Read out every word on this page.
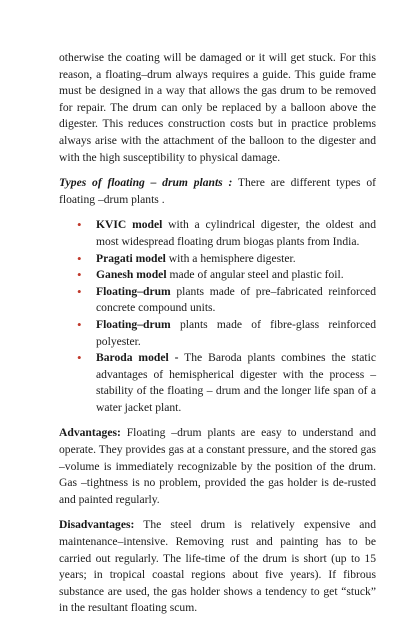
otherwise the coating will be damaged or it will get stuck. For this reason, a floating–drum always requires a guide. This guide frame must be designed in a way that allows the gas drum to be removed for repair. The drum can only be replaced by a balloon above the digester. This reduces construction costs but in practice problems always arise with the attachment of the balloon to the digester and with the high susceptibility to physical damage.

Types of floating – drum plants : There are different types of floating –drum plants .

• KVIC model with a cylindrical digester, the oldest and most widespread floating drum biogas plants from India.
• Pragati model with a hemisphere digester.
• Ganesh model made of angular steel and plastic foil.
• Floating–drum plants made of pre–fabricated reinforced concrete compound units.
• Floating–drum plants made of fibre-glass reinforced polyester.
• Baroda model - The Baroda plants combines the static advantages of hemispherical digester with the process –stability of the floating – drum and the longer life span of a water jacket plant.

Advantages: Floating –drum plants are easy to understand and operate. They provides gas at a constant pressure, and the stored gas –volume is immediately recognizable by the position of the drum. Gas –tightness is no problem, provided the gas holder is de-rusted and painted regularly.

Disadvantages: The steel drum is relatively expensive and maintenance–intensive. Removing rust and painting has to be carried out regularly. The life-time of the drum is short (up to 15 years; in tropical coastal regions about five years). If fibrous substance are used, the gas holder shows a tendency to get “stuck” in the resultant floating scum.
